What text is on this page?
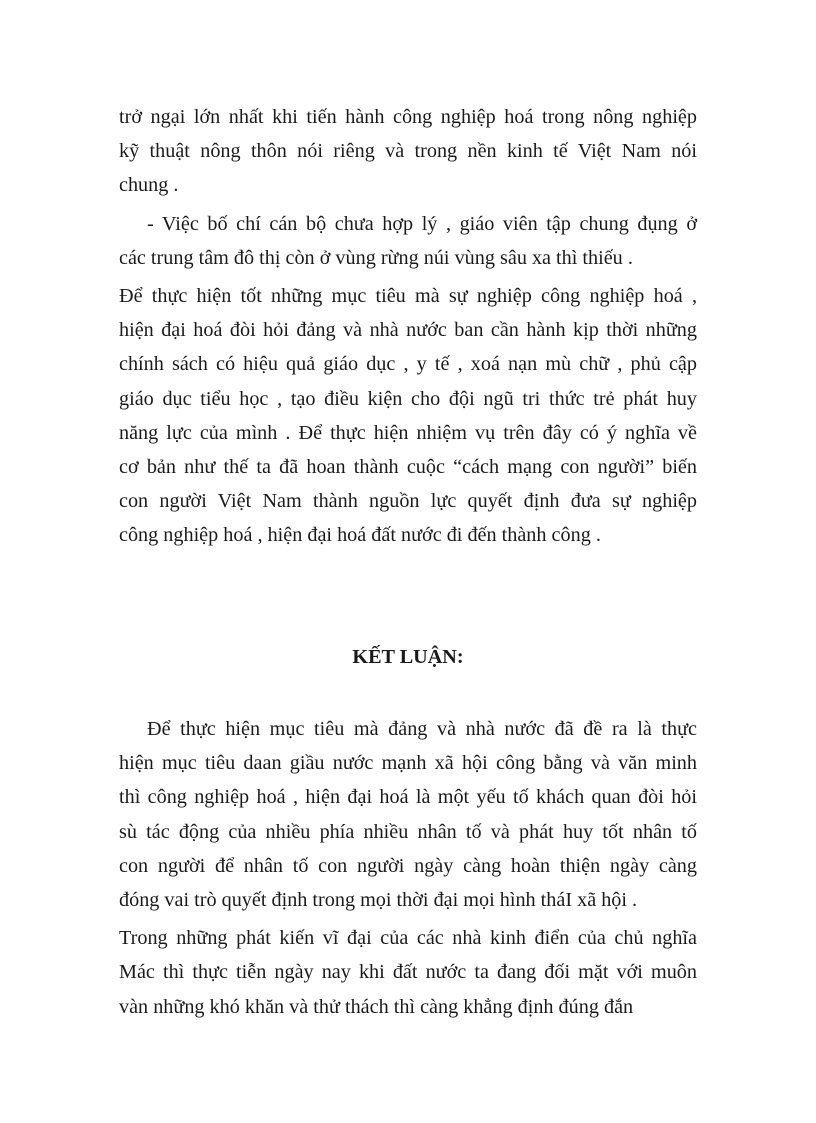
trở ngại lớn nhất khi tiến hành công nghiệp hoá trong nông nghiệp
kỹ thuật nông thôn nói riêng và trong nền kinh tế Việt Nam nói
chung .
- Việc bố chí cán bộ chưa hợp lý , giáo viên tập chung đụng ở
các trung tâm đô thị còn ở vùng rừng núi vùng sâu xa thì thiếu .
Để thực hiện tốt những mục tiêu mà sự nghiệp công nghiệp hoá ,
hiện đại hoá đòi hỏi đảng và nhà nước ban cần hành kịp thời những
chính sách có hiệu quả giáo dục , y tế , xoá nạn mù chữ , phủ cập
giáo dục tiểu học , tạo điều kiện cho đội ngũ tri thức trẻ phát huy
năng lực của mình . Để thực hiện nhiệm vụ trên đây có ý nghĩa về
cơ bản như thế ta đã hoan thành cuộc “cách mạng con người” biến
con người Việt Nam thành nguồn lực quyết định đưa sự nghiệp
công nghiệp hoá , hiện đại hoá đất nước đi đến thành công .
KẾT LUẬN:
Để thực hiện mục tiêu mà đảng và nhà nước đã đề ra là thực
hiện mục tiêu daan giầu nước mạnh xã hội công bằng và văn minh
thì công nghiệp hoá , hiện đại hoá là một yếu tố khách quan đòi hỏi
sù tác động của nhiều phía nhiều nhân tố và phát huy tốt nhân tố
con người để nhân tố con người ngày càng hoàn thiện ngày càng
đóng vai trò quyết định trong mọi thời đại mọi hình tháI xã hội .
Trong những phát kiến vĩ đại của các nhà kinh điển của chủ nghĩa
Mác thì thực tiễn ngày nay khi đất nước ta đang đối mặt với muôn
vàn những khó khăn và thử thách thì càng khẳng định đúng đắn
